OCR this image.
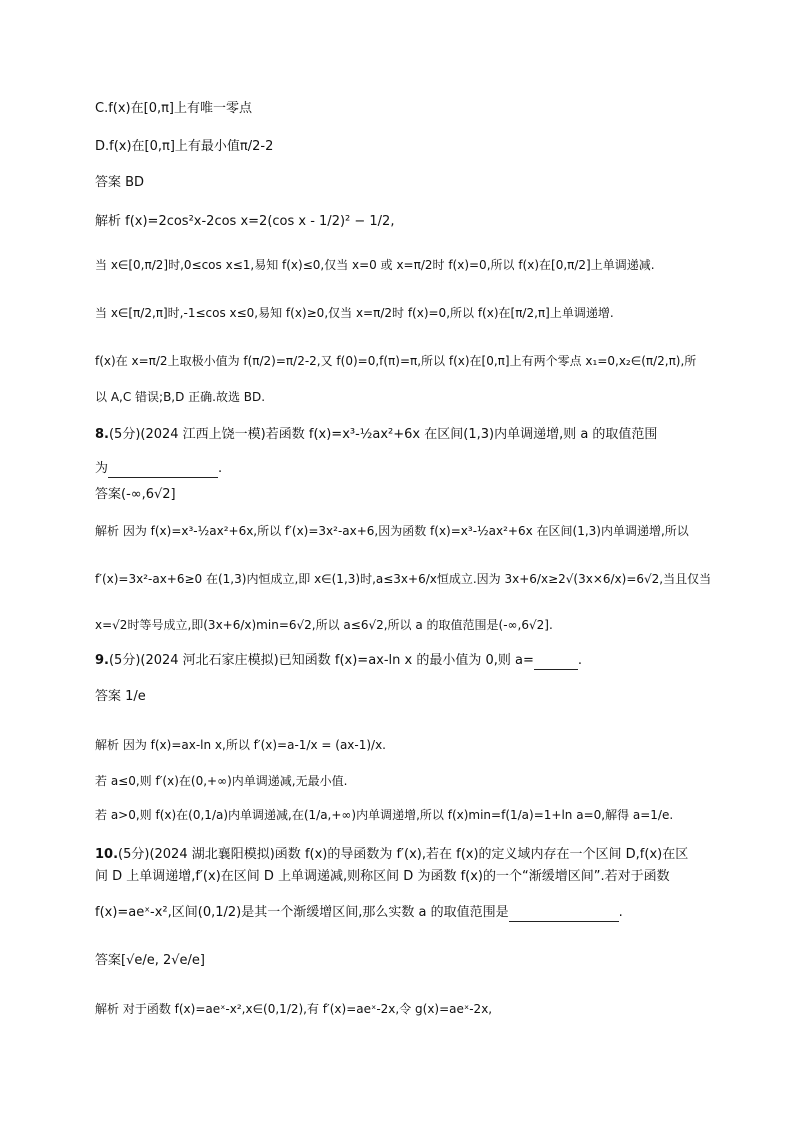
C.f(x)在[0,π]上有唯一零点
D.f(x)在[0,π]上有最小值π/2-2
答案 BD
解析 f(x)=2cos²x-2cos x=2(cos x - 1/2)² − 1/2,
当 x∈[0,π/2]时,0≤cos x≤1,易知 f(x)≤0,仅当 x=0 或 x=π/2时 f(x)=0,所以 f(x)在[0,π/2]上单调递减.
当 x∈[π/2,π]时,-1≤cos x≤0,易知 f(x)≥0,仅当 x=π/2时 f(x)=0,所以 f(x)在[π/2,π]上单调递增.
f(x)在 x=π/2上取极小值为 f(π/2)=π/2-2,又 f(0)=0,f(π)=π,所以 f(x)在[0,π]上有两个零点 x₁=0,x₂∈(π/2,π),所
以 A,C 错误;B,D 正确.故选 BD.
8.(5分)(2024 江西上饶一模)若函数 f(x)=x³-½ax²+6x 在区间(1,3)内单调递增,则 a 的取值范围
为	.
答案(-∞,6√2]
解析 因为 f(x)=x³-½ax²+6x,所以 f′(x)=3x²-ax+6,因为函数 f(x)=x³-½ax²+6x 在区间(1,3)内单调递增,所以
f′(x)=3x²-ax+6≥0 在(1,3)内恒成立,即 x∈(1,3)时,a≤3x+6/x恒成立.因为 3x+6/x≥2√(3x×6/x)=6√2,当且仅当
x=√2时等号成立,即(3x+6/x)min=6√2,所以 a≤6√2,所以 a 的取值范围是(-∞,6√2].
9.(5分)(2024 河北石家庄模拟)已知函数 f(x)=ax-ln x 的最小值为 0,则 a=	.
答案 1/e
解析 因为 f(x)=ax-ln x,所以 f′(x)=a-1/x = (ax-1)/x.
若 a≤0,则 f′(x)在(0,+∞)内单调递减,无最小值.
若 a>0,则 f(x)在(0,1/a)内单调递减,在(1/a,+∞)内单调递增,所以 f(x)min=f(1/a)=1+ln a=0,解得 a=1/e.
10.(5分)(2024 湖北襄阳模拟)函数 f(x)的导函数为 f′(x),若在 f(x)的定义域内存在一个区间 D,f(x)在区
间 D 上单调递增,f′(x)在区间 D 上单调递减,则称区间 D 为函数 f(x)的一个“渐缓增区间”.若对于函数
f(x)=aeˣ-x²,区间(0,1/2)是其一个渐缓增区间,那么实数 a 的取值范围是	.
答案[√e/e, 2√e/e]
解析 对于函数 f(x)=aeˣ-x²,x∈(0,1/2),有 f′(x)=aeˣ-2x,令 g(x)=aeˣ-2x,
